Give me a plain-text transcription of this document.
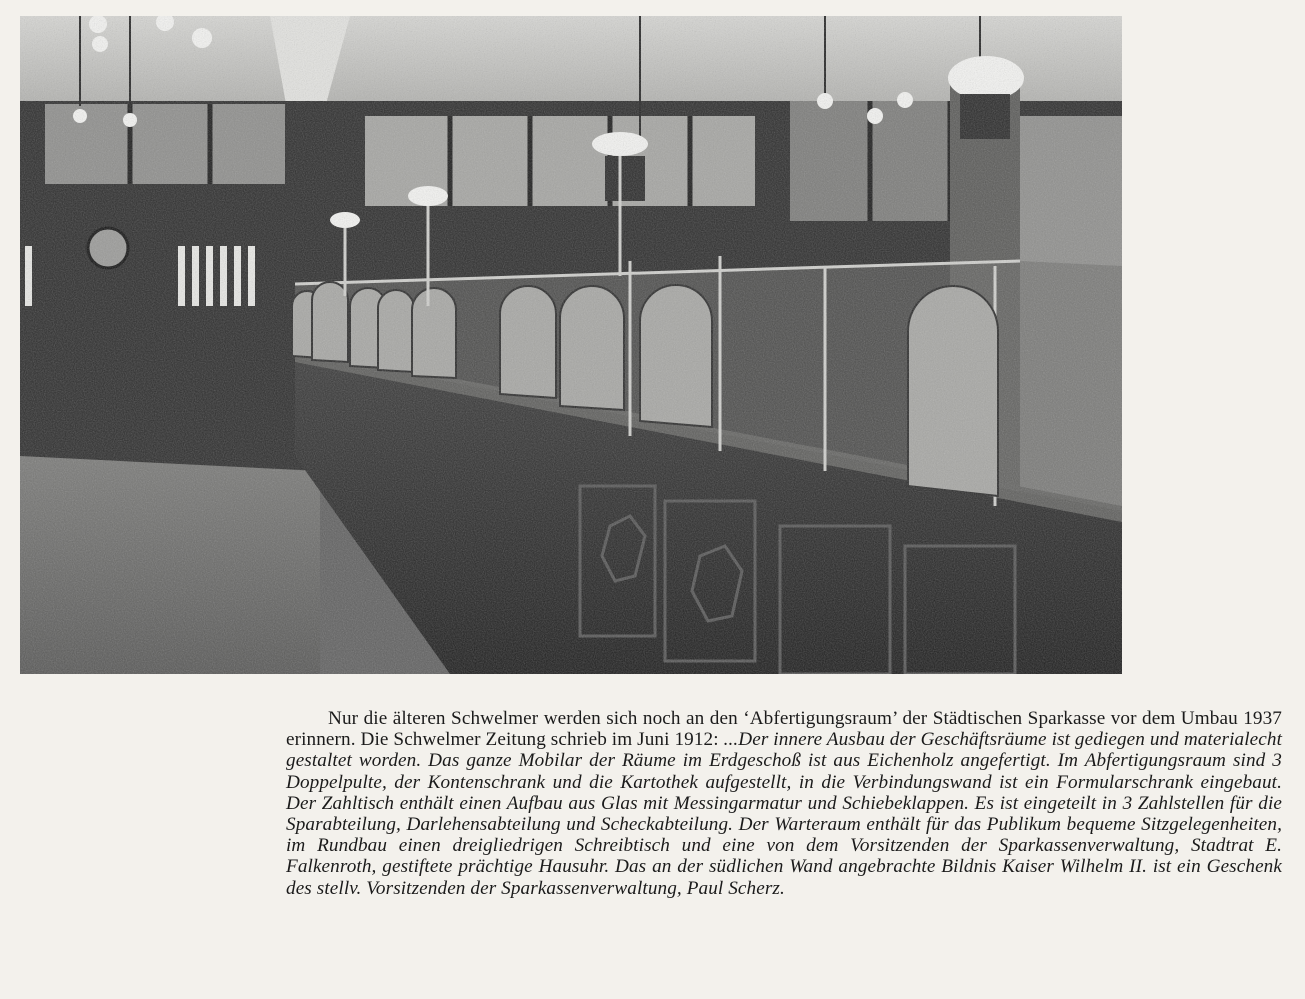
Nur die älteren Schwelmer werden sich noch an den ‘Abfertigungsraum’ der Städtischen Sparkasse vor dem Umbau 1937 erinnern. Die Schwelmer Zeitung schrieb im Juni 1912: ...Der innere Ausbau der Geschäftsräume ist gediegen und materialecht gestaltet worden. Das ganze Mobilar der Räume im Erdgeschoß ist aus Eichenholz angefertigt. Im Abfertigungsraum sind 3 Doppelpulte, der Kontenschrank und die Kartothek aufgestellt, in die Verbindungswand ist ein Formularschrank eingebaut. Der Zahltisch enthält einen Aufbau aus Glas mit Messingarmatur und Schiebeklappen. Es ist eingeteilt in 3 Zahlstellen für die Sparabteilung, Darlehensabteilung und Scheckabteilung. Der Warteraum enthält für das Publikum bequeme Sitzgelegenheiten, im Rundbau einen dreigliedrigen Schreibtisch und eine von dem Vorsitzenden der Sparkassenverwaltung, Stadtrat E. Falkenroth, gestiftete prächtige Hausuhr. Das an der südlichen Wand angebrachte Bildnis Kaiser Wilhelm II. ist ein Geschenk des stellv. Vorsitzenden der Sparkassenverwaltung, Paul Scherz.
